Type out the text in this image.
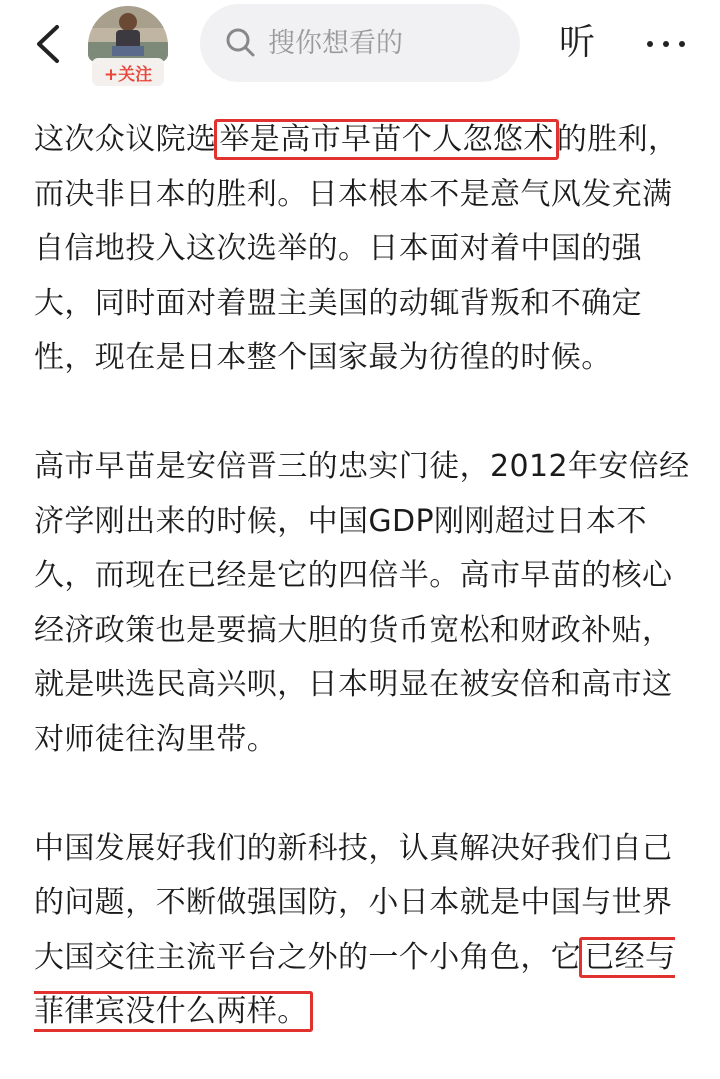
+关注
搜你想看的
听

这次众议院选 举是高市早苗个人忽悠术 的胜利，而决非日本的胜利。日本根本不是意气风发充满自信地投入这次选举的。日本面对着中国的强大，同时面对着盟主美国的动辄背叛和不确定性，现在是日本整个国家最为彷徨的时候。

高市早苗是安倍晋三的忠实门徒，2012年安倍经济学刚出来的时候，中国GDP刚刚超过日本不久，而现在已经是它的四倍半。高市早苗的核心经济政策也是要搞大胆的货币宽松和财政补贴，就是哄选民高兴呗，日本明显在被安倍和高市这对师徒往沟里带。

中国发展好我们的新科技，认真解决好我们自己的问题，不断做强国防，小日本就是中国与世界大国交往主流平台之外的一个小角色，它 已经与菲律宾没什么两样。
